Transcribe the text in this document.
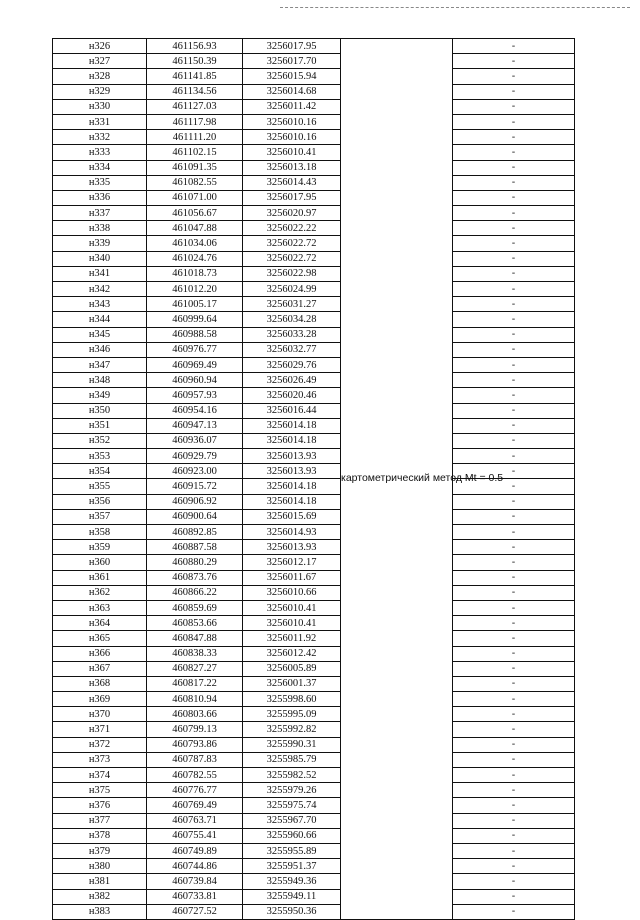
н326	461156.93	3256017.95	картометрический метод Mt = 0.5	-
н327	461150.39	3256017.70		-
н328	461141.85	3256015.94		-
н329	461134.56	3256014.68		-
н330	461127.03	3256011.42		-
н331	461117.98	3256010.16		-
н332	461111.20	3256010.16		-
н333	461102.15	3256010.41		-
н334	461091.35	3256013.18		-
н335	461082.55	3256014.43		-
н336	461071.00	3256017.95		-
н337	461056.67	3256020.97		-
н338	461047.88	3256022.22		-
н339	461034.06	3256022.72		-
н340	461024.76	3256022.72		-
н341	461018.73	3256022.98		-
н342	461012.20	3256024.99		-
н343	461005.17	3256031.27		-
н344	460999.64	3256034.28		-
н345	460988.58	3256033.28		-
н346	460976.77	3256032.77		-
н347	460969.49	3256029.76		-
н348	460960.94	3256026.49		-
н349	460957.93	3256020.46		-
н350	460954.16	3256016.44		-
н351	460947.13	3256014.18		-
н352	460936.07	3256014.18		-
н353	460929.79	3256013.93		-
н354	460923.00	3256013.93		-
н355	460915.72	3256014.18		-
н356	460906.92	3256014.18		-
н357	460900.64	3256015.69		-
н358	460892.85	3256014.93		-
н359	460887.58	3256013.93		-
н360	460880.29	3256012.17		-
н361	460873.76	3256011.67		-
н362	460866.22	3256010.66		-
н363	460859.69	3256010.41		-
н364	460853.66	3256010.41		-
н365	460847.88	3256011.92		-
н366	460838.33	3256012.42		-
н367	460827.27	3256005.89		-
н368	460817.22	3256001.37		-
н369	460810.94	3255998.60		-
н370	460803.66	3255995.09		-
н371	460799.13	3255992.82		-
н372	460793.86	3255990.31		-
н373	460787.83	3255985.79		-
н374	460782.55	3255982.52		-
н375	460776.77	3255979.26		-
н376	460769.49	3255975.74		-
н377	460763.71	3255967.70		-
н378	460755.41	3255960.66		-
н379	460749.89	3255955.89		-
н380	460744.86	3255951.37		-
н381	460739.84	3255949.36		-
н382	460733.81	3255949.11		-
н383	460727.52	3255950.36		-
